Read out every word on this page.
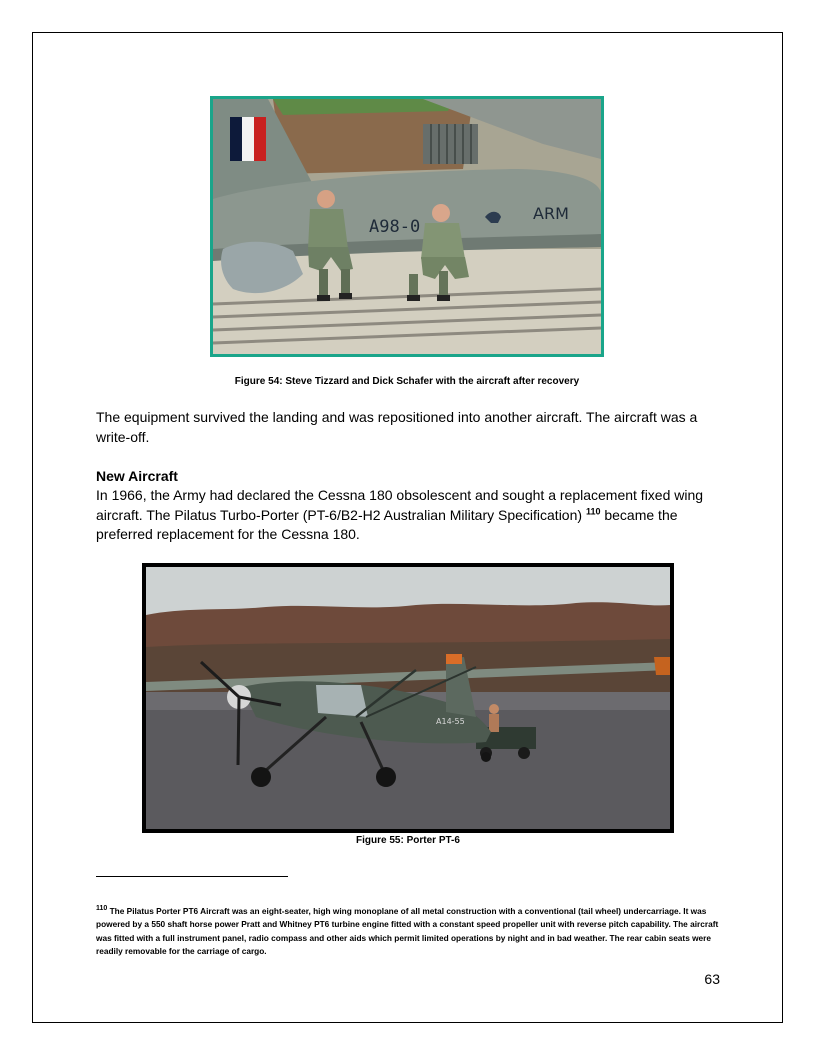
A98-0
ARM
Figure 54: Steve Tizzard and Dick Schafer with the aircraft after recovery
The equipment survived the landing and was repositioned into another aircraft. The aircraft was a write-off.
New Aircraft
In 1966, the Army had declared the Cessna 180 obsolescent and sought a replacement fixed wing aircraft. The Pilatus Turbo-Porter (PT-6/B2-H2 Australian Military Specification) $^{110}$ became the preferred replacement for the Cessna 180.
A14-55
Figure 55: Porter PT-6
$^{110}$ The Pilatus Porter PT6 Aircraft was an eight-seater, high wing monoplane of all metal construction with a conventional (tail wheel) undercarriage. It was powered by a 550 shaft horse power Pratt and Whitney PT6 turbine engine fitted with a constant speed propeller unit with reverse pitch capability. The aircraft was fitted with a full instrument panel, radio compass and other aids which permit limited operations by night and in bad weather. The rear cabin seats were readily removable for the carriage of cargo.
63
